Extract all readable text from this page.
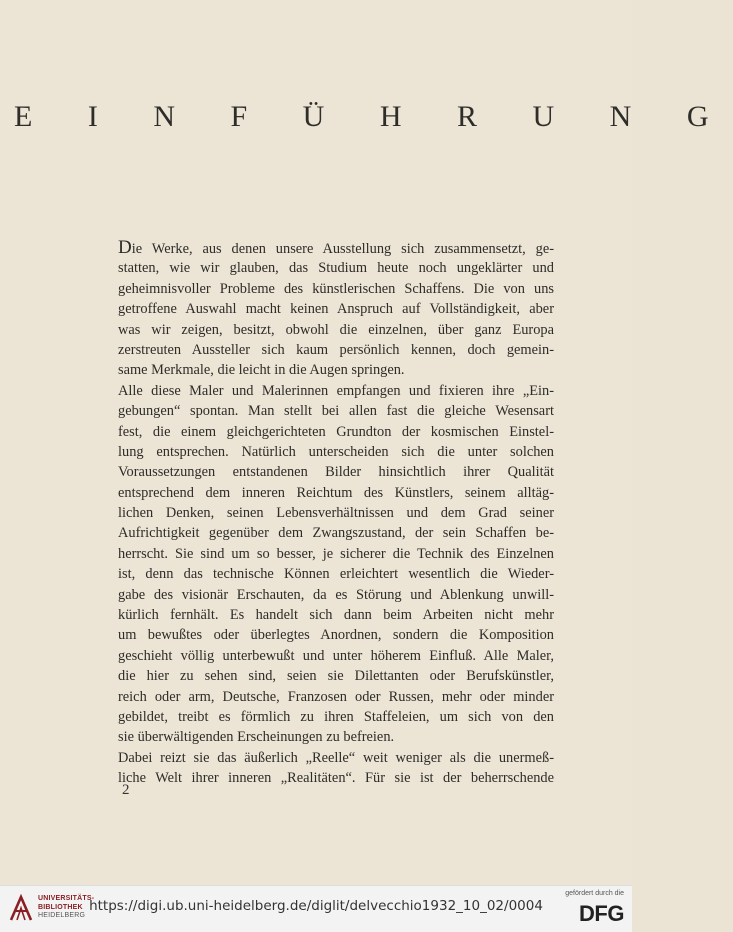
E I N F Ü H R U N G
Die Werke, aus denen unsere Ausstellung sich zusammensetzt, ge-
statten, wie wir glauben, das Studium heute noch ungeklärter und
geheimnisvoller Probleme des künstlerischen Schaffens. Die von uns
getroffene Auswahl macht keinen Anspruch auf Vollständigkeit, aber
was wir zeigen, besitzt, obwohl die einzelnen, über ganz Europa
zerstreuten Aussteller sich kaum persönlich kennen, doch gemein-
same Merkmale, die leicht in die Augen springen.
Alle diese Maler und Malerinnen empfangen und fixieren ihre „Ein-
gebungen“ spontan. Man stellt bei allen fast die gleiche Wesensart
fest, die einem gleichgerichteten Grundton der kosmischen Einstel-
lung entsprechen. Natürlich unterscheiden sich die unter solchen
Voraussetzungen entstandenen Bilder hinsichtlich ihrer Qualität
entsprechend dem inneren Reichtum des Künstlers, seinem alltäg-
lichen Denken, seinen Lebensverhältnissen und dem Grad seiner
Aufrichtigkeit gegenüber dem Zwangszustand, der sein Schaffen be-
herrscht. Sie sind um so besser, je sicherer die Technik des Einzelnen
ist, denn das technische Können erleichtert wesentlich die Wieder-
gabe des visionär Erschauten, da es Störung und Ablenkung unwill-
kürlich fernhält. Es handelt sich dann beim Arbeiten nicht mehr
um bewußtes oder überlegtes Anordnen, sondern die Komposition
geschieht völlig unterbewußt und unter höherem Einfluß. Alle Maler,
die hier zu sehen sind, seien sie Dilettanten oder Berufskünstler,
reich oder arm, Deutsche, Franzosen oder Russen, mehr oder minder
gebildet, treibt es förmlich zu ihren Staffeleien, um sich von den
sie überwältigenden Erscheinungen zu befreien.
Dabei reizt sie das äußerlich „Reelle“ weit weniger als die unermeß-
liche Welt ihrer inneren „Realitäten“. Für sie ist der beherrschende
2
UNIVERSITÄTS-
BIBLIOTHEK
HEIDELBERG
https://digi.ub.uni-heidelberg.de/diglit/delvecchio1932_10_02/0004
gefördert durch die
DFG
